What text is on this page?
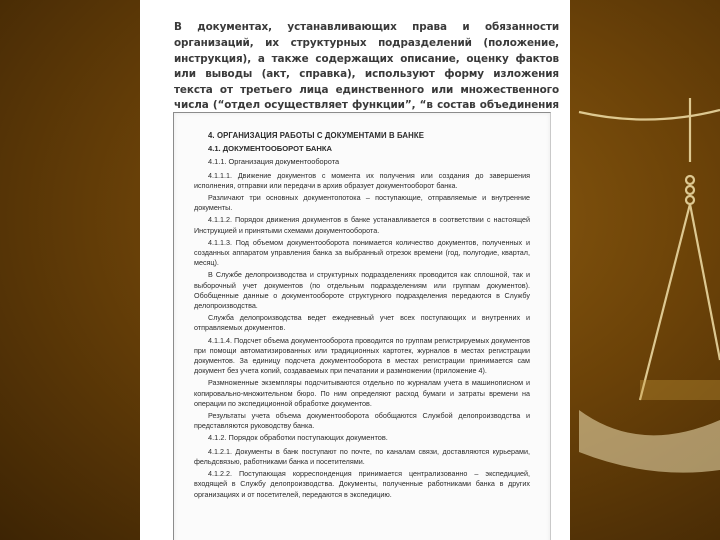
В документах, устанавливающих права и обязанности организаций, их структурных подразделений (положение, инструкция), а также содержащих описание, оценку фактов или выводы (акт, справка), используют форму изложения текста от третьего лица единственного или множественного числа (“отдел осуществляет функции”, “в состав объединения

4. ОРГАНИЗАЦИЯ РАБОТЫ С ДОКУМЕНТАМИ В БАНКЕ

4.1. ДОКУМЕНТООБОРОТ БАНКА

4.1.1. Организация документооборота

4.1.1.1. Движение документов с момента их получения или создания до завершения исполнения, отправки или передачи в архив образует документооборот банка.

Различают три основных документопотока – поступающие, отправляемые и внутренние документы.

4.1.1.2. Порядок движения документов в банке устанавливается в соответствии с настоящей Инструкцией и принятыми схемами документооборота.

4.1.1.3. Под объемом документооборота понимается количество документов, полученных и созданных аппаратом управления банка за выбранный отрезок времени (год, полугодие, квартал, месяц).

В Службе делопроизводства и структурных подразделениях проводится как сплошной, так и выборочный учет документов (по отдельным подразделениям или группам документов). Обобщенные данные о документообороте структурного подразделения передаются в Службу делопроизводства.

Служба делопроизводства ведет ежедневный учет всех поступающих и внутренних и отправляемых документов.

4.1.1.4. Подсчет объема документооборота проводится по группам регистрируемых документов при помощи автоматизированных или традиционных картотек, журналов в местах регистрации документов. За единицу подсчета документооборота в местах регистрации принимается сам документ без учета копий, создаваемых при печатании и размножении (приложение 4).

Размноженные экземпляры подсчитываются отдельно по журналам учета в машинописном и копировально-множительном бюро. По ним определяют расход бумаги и затраты времени на операции по экспедиционной обработке документов.

Результаты учета объема документооборота обобщаются Службой делопроизводства и представляются руководству банка.

4.1.2. Порядок обработки поступающих документов.

4.1.2.1. Документы в банк поступают по почте, по каналам связи, доставляются курьерами, фельдсвязью, работниками банка и посетителями.

4.1.2.2. Поступающая корреспонденция принимается централизованно – экспедицией, входящей в Службу делопроизводства. Документы, полученные работниками банка в других организациях и от посетителей, передаются в экспедицию.
